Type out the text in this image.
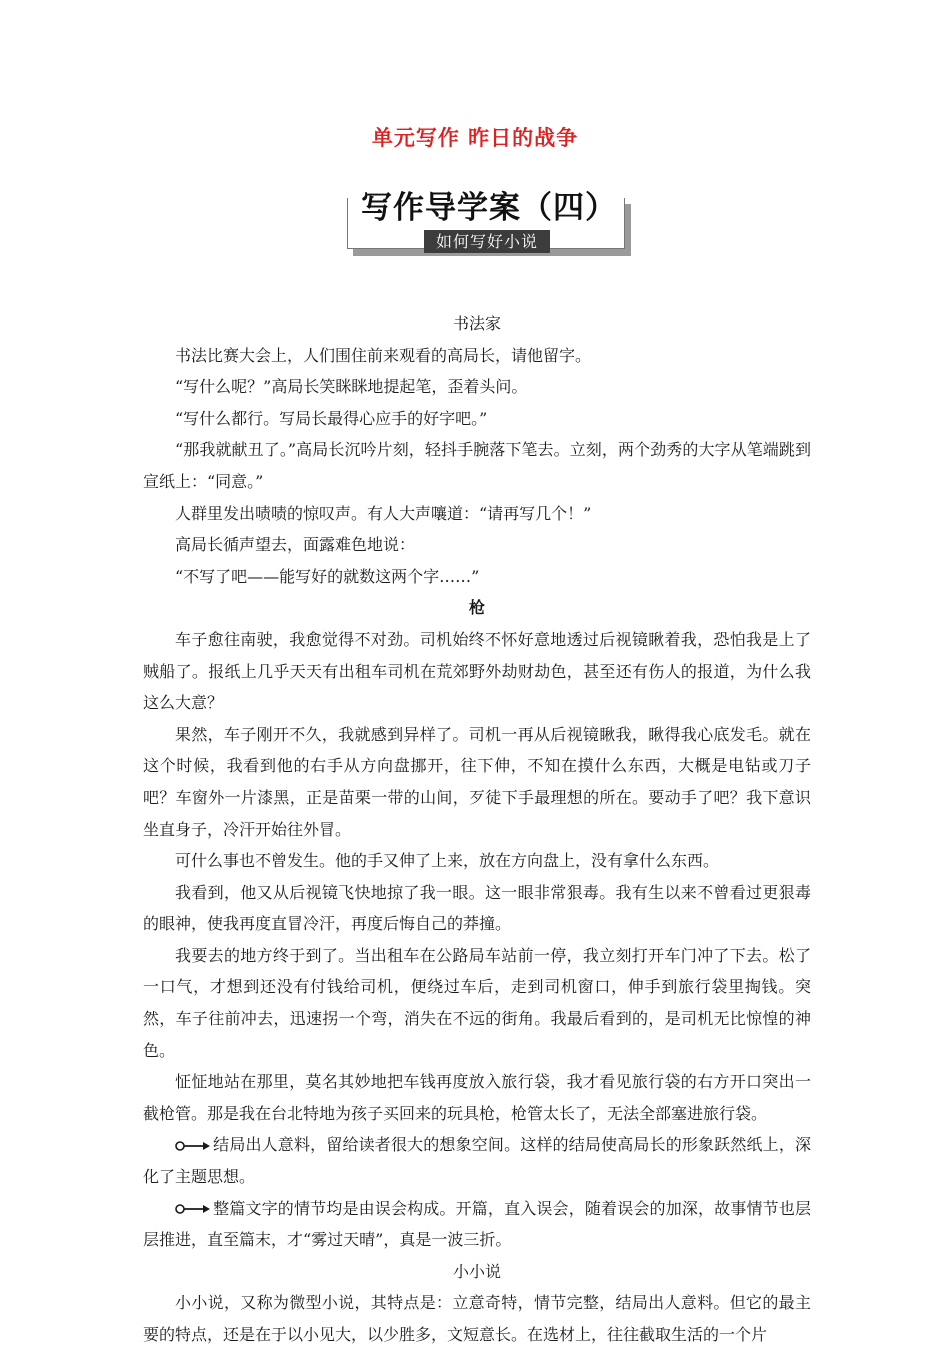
单元写作 昨日的战争
写作导学案（四）
如何写好小说
书法家

书法比赛大会上，人们围住前来观看的高局长，请他留字。

“写什么呢？”高局长笑眯眯地提起笔，歪着头问。

“写什么都行。写局长最得心应手的好字吧。”

“那我就献丑了。”高局长沉吟片刻，轻抖手腕落下笔去。立刻，两个劲秀的大字从笔端跳到宣纸上：“同意。”

人群里发出啧啧的惊叹声。有人大声嚷道：“请再写几个！”

高局长循声望去，面露难色地说：

“不写了吧——能写好的就数这两个字……”

枪

车子愈往南驶，我愈觉得不对劲。司机始终不怀好意地透过后视镜瞅着我，恐怕我是上了贼船了。报纸上几乎天天有出租车司机在荒郊野外劫财劫色，甚至还有伤人的报道，为什么我这么大意？

果然，车子刚开不久，我就感到异样了。司机一再从后视镜瞅我，瞅得我心底发毛。就在这个时候，我看到他的右手从方向盘挪开，往下伸，不知在摸什么东西，大概是电钻或刀子吧？车窗外一片漆黑，正是苗栗一带的山间，歹徒下手最理想的所在。要动手了吧？我下意识坐直身子，冷汗开始往外冒。

可什么事也不曾发生。他的手又伸了上来，放在方向盘上，没有拿什么东西。

我看到，他又从后视镜飞快地掠了我一眼。这一眼非常狠毒。我有生以来不曾看过更狠毒的眼神，使我再度直冒冷汗，再度后悔自己的莽撞。

我要去的地方终于到了。当出租车在公路局车站前一停，我立刻打开车门冲了下去。松了一口气，才想到还没有付钱给司机，便绕过车后，走到司机窗口，伸手到旅行袋里掏钱。突然，车子往前冲去，迅速拐一个弯，消失在不远的街角。我最后看到的，是司机无比惊惶的神色。

怔怔地站在那里，莫名其妙地把车钱再度放入旅行袋，我才看见旅行袋的右方开口突出一截枪管。那是我在台北特地为孩子买回来的玩具枪，枪管太长了，无法全部塞进旅行袋。

结局出人意料，留给读者很大的想象空间。这样的结局使高局长的形象跃然纸上，深化了主题思想。

整篇文字的情节均是由误会构成。开篇，直入误会，随着误会的加深，故事情节也层层推进，直至篇末，才“雾过天晴”，真是一波三折。

小小说

小小说，又称为微型小说，其特点是：立意奇特，情节完整，结局出人意料。但它的最主要的特点，还是在于以小见大，以少胜多，文短意长。在选材上，往往截取生活的一个片
